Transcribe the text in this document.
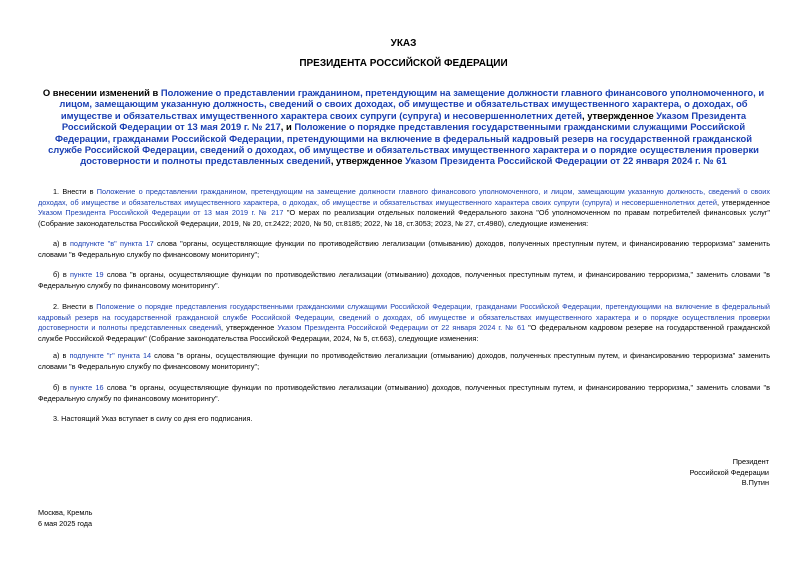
УКАЗ
ПРЕЗИДЕНТА РОССИЙСКОЙ ФЕДЕРАЦИИ
О внесении изменений в Положение о представлении гражданином, претендующим на замещение должности главного финансового уполномоченного, и лицом, замещающим указанную должность, сведений о своих доходах, об имуществе и обязательствах имущественного характера, о доходах, об имуществе и обязательствах имущественного характера своих супруги (супруга) и несовершеннолетних детей, утвержденное Указом Президента Российской Федерации от 13 мая 2019 г. № 217, и Положение о порядке представления государственными гражданскими служащими Российской Федерации, гражданами Российской Федерации, претендующими на включение в федеральный кадровый резерв на государственной гражданской службе Российской Федерации, сведений о доходах, об имуществе и обязательствах имущественного характера и о порядке осуществления проверки достоверности и полноты представленных сведений, утвержденное Указом Президента Российской Федерации от 22 января 2024 г. № 61
1. Внести в Положение о представлении гражданином, претендующим на замещение должности главного финансового уполномоченного, и лицом, замещающим указанную должность, сведений о своих доходах, об имуществе и обязательствах имущественного характера, о доходах, об имуществе и обязательствах имущественного характера своих супруги (супруга) и несовершеннолетних детей, утвержденное Указом Президента Российской Федерации от 13 мая 2019 г. № 217 "О мерах по реализации отдельных положений Федерального закона "Об уполномоченном по правам потребителей финансовых услуг" (Собрание законодательства Российской Федерации, 2019, № 20, ст.2422; 2020, № 50, ст.8185; 2022, № 18, ст.3053; 2023, № 27, ст.4980), следующие изменения:
а) в подпункте "в" пункта 17 слова "органы, осуществляющие функции по противодействию легализации (отмыванию) доходов, полученных преступным путем, и финансированию терроризма" заменить словами "в Федеральную службу по финансовому мониторингу";
б) в пункте 19 слова "в органы, осуществляющие функции по противодействию легализации (отмыванию) доходов, полученных преступным путем, и финансированию терроризма," заменить словами "в Федеральную службу по финансовому мониторингу".
2. Внести в Положение о порядке представления государственными гражданскими служащими Российской Федерации, гражданами Российской Федерации, претендующими на включение в федеральный кадровый резерв на государственной гражданской службе Российской Федерации, сведений о доходах, об имуществе и обязательствах имущественного характера и о порядке осуществления проверки достоверности и полноты представленных сведений, утвержденное Указом Президента Российской Федерации от 22 января 2024 г. № 61 "О федеральном кадровом резерве на государственной гражданской службе Российской Федерации" (Собрание законодательства Российской Федерации, 2024, № 5, ст.663), следующие изменения:
а) в подпункте "г" пункта 14 слова "в органы, осуществляющие функции по противодействию легализации (отмыванию) доходов, полученных преступным путем, и финансированию терроризма" заменить словами "в Федеральную службу по финансовому мониторингу";
б) в пункте 16 слова "в органы, осуществляющие функции по противодействию легализации (отмыванию) доходов, полученных преступным путем, и финансированию терроризма," заменить словами "в Федеральную службу по финансовому мониторингу".
3. Настоящий Указ вступает в силу со дня его подписания.
Президент
Российской Федерации
В.Путин
Москва, Кремль
6 мая 2025 года
